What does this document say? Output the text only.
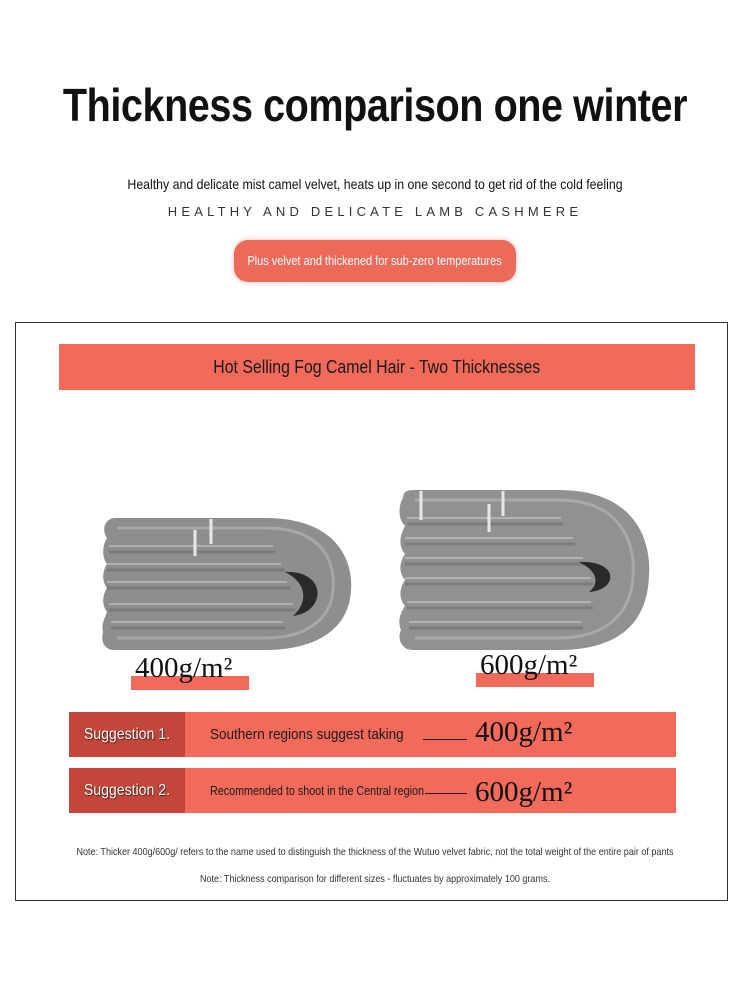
Thickness comparison one winter
Healthy and delicate mist camel velvet, heats up in one second to get rid of the cold feeling
HEALTHY AND DELICATE LAMB CASHMERE
Plus velvet and thickened for sub-zero temperatures
Hot Selling Fog Camel Hair - Two Thicknesses
400g/m²	600g/m²
Suggestion 1.	Southern regions suggest taking 400g/m²
Suggestion 2.	Recommended to shoot in the Central region 600g/m²
Note: Thicker 400g/600g/ refers to the name used to distinguish the thickness of the Wutuo velvet fabric, not the total weight of the entire pair of pants
Note: Thickness comparison for different sizes - fluctuates by approximately 100 grams.
